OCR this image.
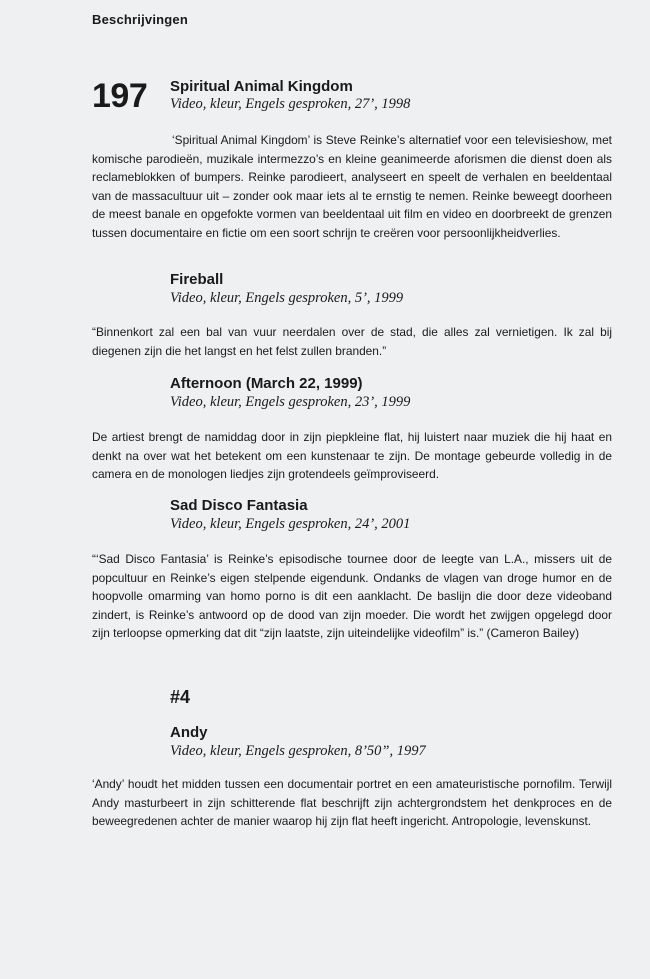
Beschrijvingen
197 Spiritual Animal Kingdom
Video, kleur, Engels gesproken, 27’, 1998
‘Spiritual Animal Kingdom’ is Steve Reinke’s alternatief voor een televisieshow, met komische parodieën, muzikale intermezzo’s en kleine geanimeerde aforismen die dienst doen als reclameblokken of bumpers. Reinke parodieert, analyseert en speelt de verhalen en beeldentaal van de massacultuur uit – zonder ook maar iets al te ernstig te nemen. Reinke beweegt doorheen de meest banale en opgefokte vormen van beeldentaal uit film en video en doorbreekt de grenzen tussen documentaire en fictie om een soort schrijn te creëren voor persoonlijkheidverlies.
Fireball
Video, kleur, Engels gesproken, 5’, 1999
“Binnenkort zal een bal van vuur neerdalen over de stad, die alles zal vernietigen. Ik zal bij diegenen zijn die het langst en het felst zullen branden.”
Afternoon (March 22, 1999)
Video, kleur, Engels gesproken, 23’, 1999
De artiest brengt de namiddag door in zijn piepkleine flat, hij luistert naar muziek die hij haat en denkt na over wat het betekent om een kunstenaar te zijn. De montage gebeurde volledig in de camera en de monologen liedjes zijn grotendeels geïmproviseerd.
Sad Disco Fantasia
Video, kleur, Engels gesproken, 24’, 2001
“‘Sad Disco Fantasia’ is Reinke’s episodische tournee door de leegte van L.A., missers uit de popcultuur en Reinke’s eigen stelpende eigendunk. Ondanks de vlagen van droge humor en de hoopvolle omarming van homo porno is dit een aanklacht. De baslijn die door deze videoband zindert, is Reinke’s antwoord op de dood van zijn moeder. Die wordt het zwijgen opgelegd door zijn terloopse opmerking dat dit “zijn laatste, zijn uiteindelijke videofilm” is.” (Cameron Bailey)
#4
Andy
Video, kleur, Engels gesproken, 8’50”, 1997
‘Andy’ houdt het midden tussen een documentair portret en een amateuristische pornofilm. Terwijl Andy masturbeert in zijn schitterende flat beschrijft zijn achtergrondstem het denkproces en de beweegredenen achter de manier waarop hij zijn flat heeft ingericht. Antropologie, levenskunst.
